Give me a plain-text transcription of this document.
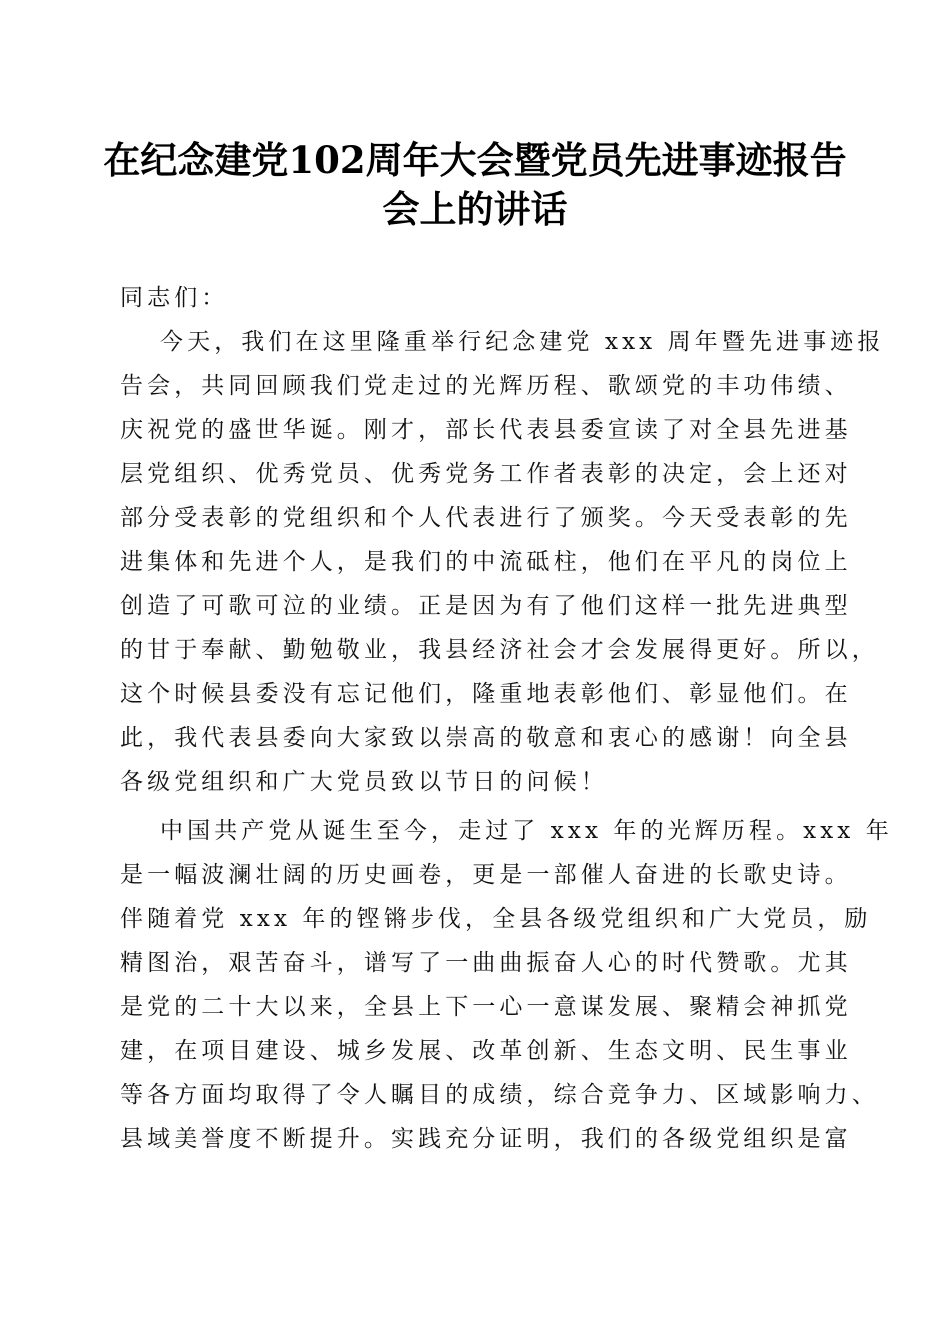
在纪念建党102周年大会暨党员先进事迹报告
会上的讲话
同志们：
今天，我们在这里隆重举行纪念建党 xxx 周年暨先进事迹报
告会，共同回顾我们党走过的光辉历程、歌颂党的丰功伟绩、
庆祝党的盛世华诞。刚才，部长代表县委宣读了对全县先进基
层党组织、优秀党员、优秀党务工作者表彰的决定，会上还对
部分受表彰的党组织和个人代表进行了颁奖。今天受表彰的先
进集体和先进个人，是我们的中流砥柱，他们在平凡的岗位上
创造了可歌可泣的业绩。正是因为有了他们这样一批先进典型
的甘于奉献、勤勉敬业，我县经济社会才会发展得更好。所以，
这个时候县委没有忘记他们，隆重地表彰他们、彰显他们。在
此，我代表县委向大家致以崇高的敬意和衷心的感谢！向全县
各级党组织和广大党员致以节日的问候！
中国共产党从诞生至今，走过了 xxx 年的光辉历程。xxx 年
是一幅波澜壮阔的历史画卷，更是一部催人奋进的长歌史诗。
伴随着党 xxx 年的铿锵步伐，全县各级党组织和广大党员，励
精图治，艰苦奋斗，谱写了一曲曲振奋人心的时代赞歌。尤其
是党的二十大以来，全县上下一心一意谋发展、聚精会神抓党
建，在项目建设、城乡发展、改革创新、生态文明、民生事业
等各方面均取得了令人瞩目的成绩，综合竞争力、区域影响力、
县域美誉度不断提升。实践充分证明，我们的各级党组织是富
